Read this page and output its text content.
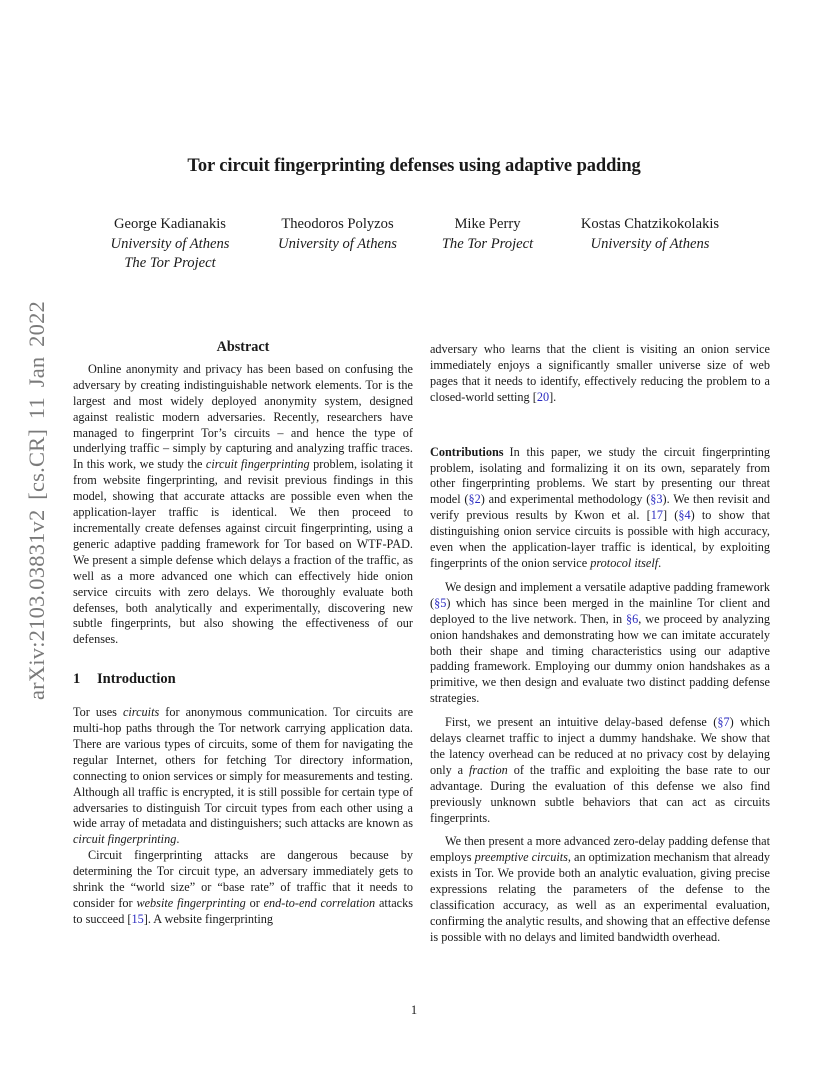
Tor circuit fingerprinting defenses using adaptive padding
George Kadianakis
University of Athens
The Tor Project
Theodoros Polyzos
University of Athens
Mike Perry
The Tor Project
Kostas Chatzikokolakis
University of Athens
arXiv:2103.03831v2 [cs.CR] 11 Jan 2022	Abstract

Online anonymity and privacy has been based on confusing the adversary by creating indistinguishable network elements. Tor is the largest and most widely deployed anonymity system, designed against realistic modern adversaries. Recently, researchers have managed to fingerprint Tor’s circuits – and hence the type of underlying traffic – simply by capturing and analyzing traffic traces. In this work, we study the circuit fingerprinting problem, isolating it from website fingerprinting, and revisit previous findings in this model, showing that accurate attacks are possible even when the application-layer traffic is identical. We then proceed to incrementally create defenses against circuit fingerprinting, using a generic adaptive padding framework for Tor based on WTF-PAD. We present a simple defense which delays a fraction of the traffic, as well as a more advanced one which can effectively hide onion service circuits with zero delays. We thoroughly evaluate both defenses, both analytically and experimentally, discovering new subtle fingerprints, but also showing the effectiveness of our defenses.

1 Introduction

Tor uses circuits for anonymous communication. Tor circuits are multi-hop paths through the Tor network carrying application data. There are various types of circuits, some of them for navigating the regular Internet, others for fetching Tor directory information, connecting to onion services or simply for measurements and testing. Although all traffic is encrypted, it is still possible for certain type of adversaries to distinguish Tor circuit types from each other using a wide array of metadata and distinguishers; such attacks are known as circuit fingerprinting.

Circuit fingerprinting attacks are dangerous because by determining the Tor circuit type, an adversary immediately gets to shrink the “world size” or “base rate” of traffic that it needs to consider for website fingerprinting or end-to-end correlation attacks to succeed [15]. A website fingerprinting

adversary who learns that the client is visiting an onion service immediately enjoys a significantly smaller universe size of web pages that it needs to identify, effectively reducing the problem to a closed-world setting [20].

Contributions In this paper, we study the circuit fingerprinting problem, isolating and formalizing it on its own, separately from other fingerprinting problems. We start by presenting our threat model (§2) and experimental methodology (§3). We then revisit and verify previous results by Kwon et al. [17] (§4) to show that distinguishing onion service circuits is possible with high accuracy, even when the application-layer traffic is identical, by exploiting fingerprints of the onion service protocol itself.

We design and implement a versatile adaptive padding framework (§5) which has since been merged in the mainline Tor client and deployed to the live network. Then, in §6, we proceed by analyzing onion handshakes and demonstrating how we can imitate accurately both their shape and timing characteristics using our adaptive padding framework. Employing our dummy onion handshakes as a primitive, we then design and evaluate two distinct padding defense strategies.

First, we present an intuitive delay-based defense (§7) which delays clearnet traffic to inject a dummy handshake. We show that the latency overhead can be reduced at no privacy cost by delaying only a fraction of the traffic and exploiting the base rate to our advantage. During the evaluation of this defense we also find previously unknown subtle behaviors that can act as circuits fingerprints.

We then present a more advanced zero-delay padding defense that employs preemptive circuits, an optimization mechanism that already exists in Tor. We provide both an analytic evaluation, giving precise expressions relating the parameters of the defense to the classification accuracy, as well as an experimental evaluation, confirming the analytic results, and showing that an effective defense is possible with no delays and limited bandwidth overhead.

1
